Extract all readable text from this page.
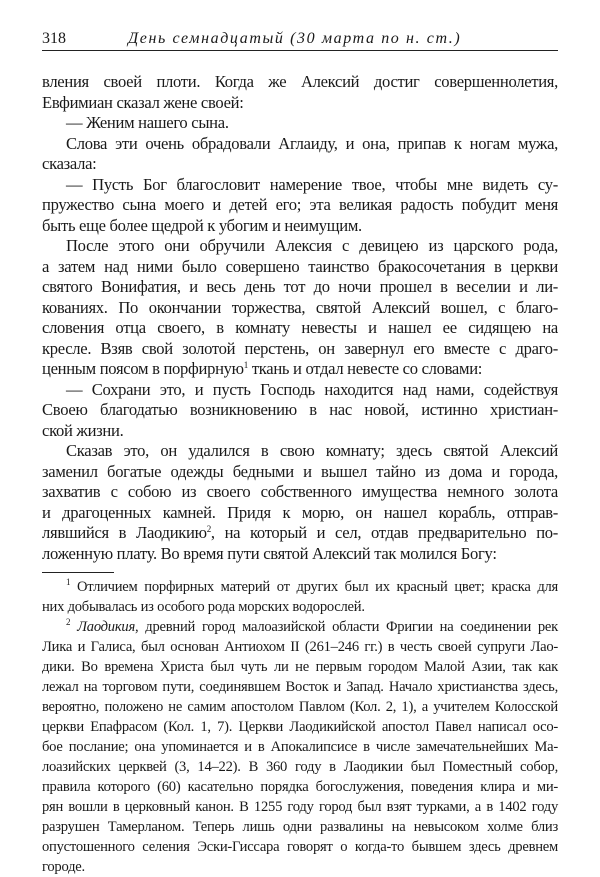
318	День семнадцатый (30 марта по н. ст.)
вления своей плоти. Когда же Алексий достиг совершеннолетия,
Евфимиан сказал жене своей:
— Женим нашего сына.
Слова эти очень обрадовали Аглаиду, и она, припав к ногам мужа,
сказала:
— Пусть Бог благословит намерение твое, чтобы мне видеть су-
пружество сына моего и детей его; эта великая радость побудит меня
быть еще более щедрой к убогим и неимущим.
После этого они обручили Алексия с девицею из царского рода,
а затем над ними было совершено таинство бракосочетания в церкви
святого Вонифатия, и весь день тот до ночи прошел в веселии и ли-
кованиях. По окончании торжества, святой Алексий вошел, с благо-
словения отца своего, в комнату невесты и нашел ее сидящею на
кресле. Взяв свой золотой перстень, он завернул его вместе с драго-
ценным поясом в порфирную$^1$ ткань и отдал невесте со словами:
— Сохрани это, и пусть Господь находится над нами, содействуя
Своею благодатью возникновению в нас новой, истинно христиан-
ской жизни.
Сказав это, он удалился в свою комнату; здесь святой Алексий
заменил богатые одежды бедными и вышел тайно из дома и города,
захватив с собою из своего собственного имущества немного золота
и драгоценных камней. Придя к морю, он нашел корабль, отправ-
лявшийся в Лаодикию$^2$, на который и сел, отдав предварительно по-
ложенную плату. Во время пути святой Алексий так молился Богу:
$^1$ Отличием порфирных материй от других был их красный цвет; краска для
них добывалась из особого рода морских водорослей.
$^2$ Лаодикия, древний город малоазийской области Фригии на соединении рек
Лика и Галиса, был основан Антиохом II (261–246 гг.) в честь своей супруги Лао-
дики. Во времена Христа был чуть ли не первым городом Малой Азии, так как
лежал на торговом пути, соединявшем Восток и Запад. Начало христианства здесь,
вероятно, положено не самим апостолом Павлом (Кол. 2, 1), а учителем Колосской
церкви Епафрасом (Кол. 1, 7). Церкви Лаодикийской апостол Павел написал осо-
бое послание; она упоминается и в Апокалипсисе в числе замечательнейших Ма-
лоазийских церквей (3, 14–22). В 360 году в Лаодикии был Поместный собор,
правила которого (60) касательно порядка богослужения, поведения клира и ми-
рян вошли в церковный канон. В 1255 году город был взят турками, а в 1402 году
разрушен Тамерланом. Теперь лишь одни развалины на невысоком холме близ
опустошенного селения Эски-Гиссара говорят о когда-то бывшем здесь древнем
городе.
